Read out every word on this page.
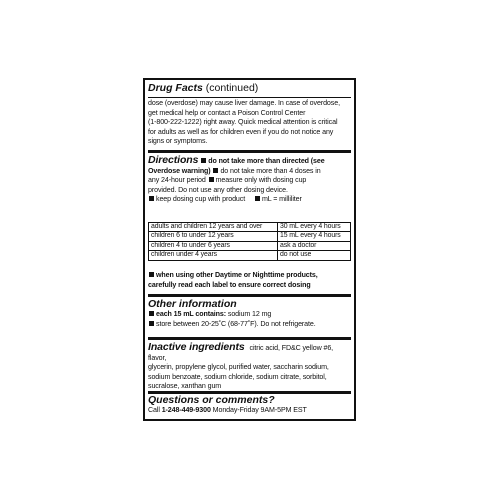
Drug Facts (continued)
dose (overdose) may cause liver damage. In case of overdose,
get medical help or contact a Poison Control Center
(1-800-222-1222) right away. Quick medical attention is critical
for adults as well as for children even if you do not notice any
signs or symptoms.
Directions do not take more than directed (see
Overdose warning) do not take more than 4 doses in
any 24-hour period measure only with dosing cup
provided. Do not use any other dosing device.
keep dosing cup with product mL = milliliter
adults and children 12 years and over	30 mL every 4 hours
children 6 to under 12 years	15 mL every 4 hours
children 4 to under 6 years	ask a doctor
children under 4 years	do not use
when using other Daytime or Nighttime products,
carefully read each label to ensure correct dosing
Other information
each 15 mL contains: sodium 12 mg
store between 20-25˚C (68-77˚F). Do not refrigerate.
Inactive ingredients citric acid, FD&C yellow #6, flavor,
glycerin, propylene glycol, purified water, saccharin sodium,
sodium benzoate, sodium chloride, sodium citrate, sorbitol,
sucralose, xanthan gum
Questions or comments?
Call 1-248-449-9300 Monday-Friday 9AM-5PM EST
